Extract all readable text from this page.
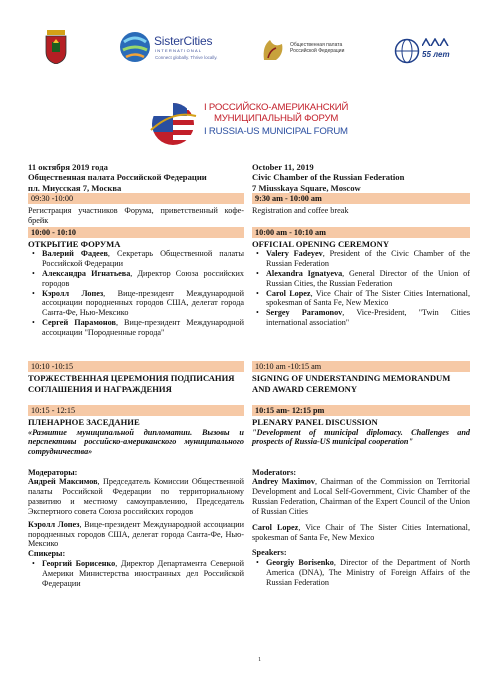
SisterCities
INTERNATIONAL
Connect globally. Thrive locally.
Общественная палата
Российской Федерации	55 лет
I РОССИЙСКО-АМЕРИКАНСКИЙ
МУНИЦИПАЛЬНЫЙ ФОРУМ
I RUSSIA-US MUNICIPAL FORUM
11 октября 2019 года
Общественная палата Российской Федерации
пл. Миусская 7, Москва
09:30 -10:00
Регистрация участников Форума, приветственный кофе-брейк
10:00 - 10:10
ОТКРЫТИЕ ФОРУМА
• Валерий Фадеев, Секретарь Общественной палаты Российской Федерации
• Александра Игнатьева, Директор Союза российских городов
• Кэролл Лопез, Вице-президент Международной ассоциации породненных городов США, делегат города Санта-Фе, Нью-Мексико
• Сергей Парамонов, Вице-президент Международной ассоциации "Породненные города"
10:10 -10:15
ТОРЖЕСТВЕННАЯ ЦЕРЕМОНИЯ ПОДПИСАНИЯ СОГЛАШЕНИЯ И НАГРАЖДЕНИЯ
10:15 - 12:15
ПЛЕНАРНОЕ ЗАСЕДАНИЕ
«Развитие муниципальной дипломатии. Вызовы и перспективы российско-американского муниципального сотрудничества»
Модераторы:
Андрей Максимов, Председатель Комиссии Общественной палаты Российской Федерации по территориальному развитию и местному самоуправлению, Председатель Экспертного совета Союза российских городов
Кэролл Лопез, Вице-президент Международной ассоциации породненных городов США, делегат города Санта-Фе, Нью-Мексико
Спикеры:
• Георгий Борисенко, Директор Департамента Северной Америки Министерства иностранных дел Российской Федерации
October 11, 2019
Civic Chamber of the Russian Federation
7 Miusskaya Square, Moscow
9:30 am - 10:00 am
Registration and coffee break
10:00 am - 10:10 am
OFFICIAL OPENING CEREMONY
• Valery Fadeyev, President of the Civic Chamber of the Russian Federation
• Alexandra Ignatyeva, General Director of the Union of Russian Cities, the Russian Federation
• Carol Lopez, Vice Chair of The Sister Cities International, spokesman of Santa Fe, New Mexico
• Sergey Paramonov, Vice-President, "Twin Cities international association"
10:10 am -10:15 am
SIGNING OF UNDERSTANDING MEMORANDUM AND AWARD CEREMONY
10:15 am- 12:15 pm
PLENARY PANEL DISCUSSION
"Development of municipal diplomacy. Challenges and prospects of Russia-US municipal cooperation"
Moderators:
Andrey Maximov, Chairman of the Commission on Territorial Development and Local Self-Government, Civic Chamber of the Russian Federation, Chairman of the Expert Council of the Union of Russian Cities
Carol Lopez, Vice Chair of The Sister Cities International, spokesman of Santa Fe, New Mexico
Speakers:
• Georgiy Borisenko, Director of the Department of North America (DNA), The Ministry of Foreign Affairs of the Russian Federation
1
